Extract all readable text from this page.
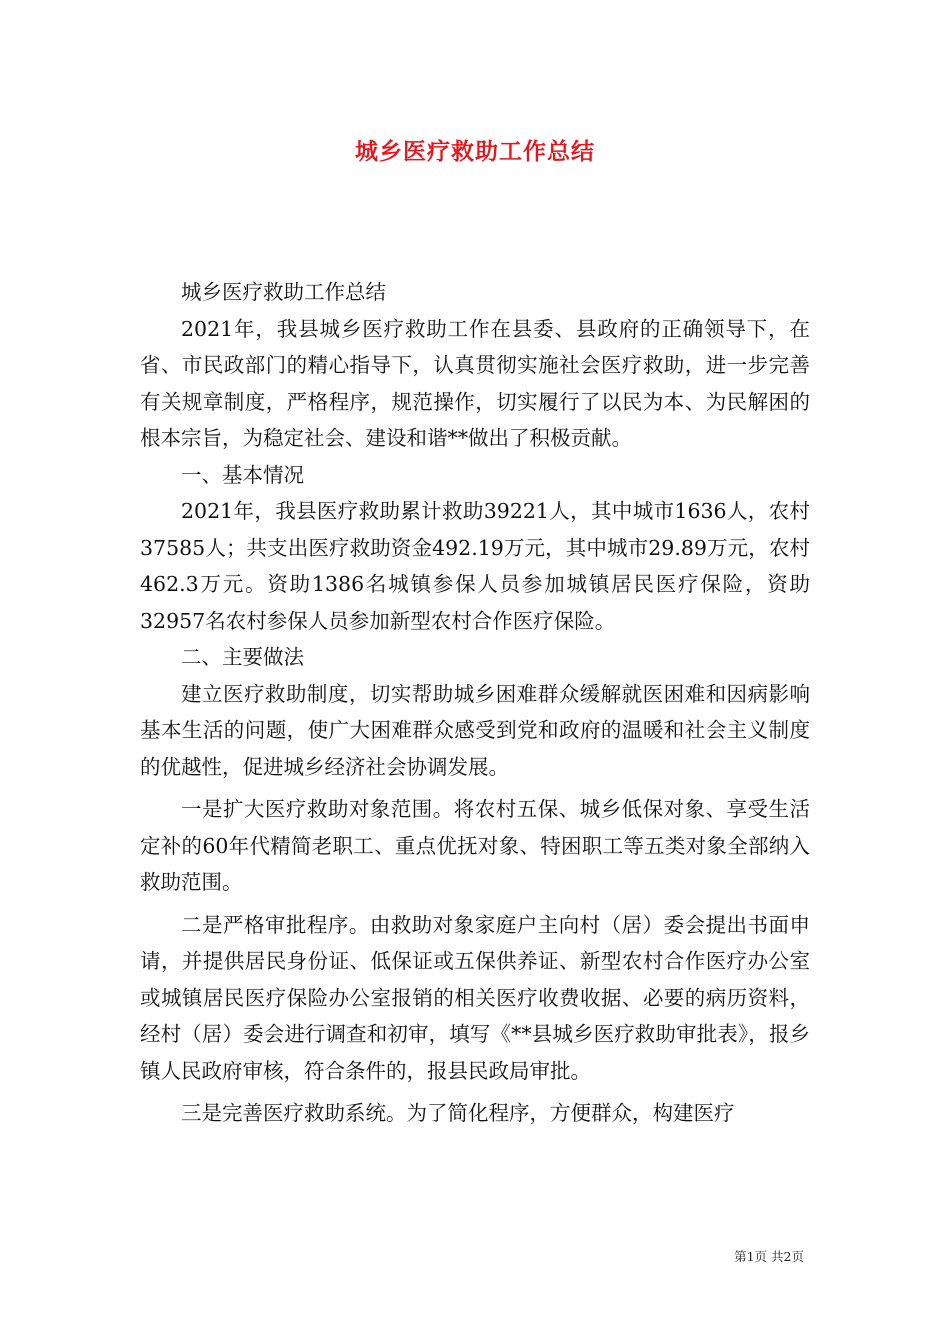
城乡医疗救助工作总结

城乡医疗救助工作总结

2021年，我县城乡医疗救助工作在县委、县政府的正确领导下，在省、市民政部门的精心指导下，认真贯彻实施社会医疗救助，进一步完善有关规章制度，严格程序，规范操作，切实履行了以民为本、为民解困的根本宗旨，为稳定社会、建设和谐**做出了积极贡献。

一、基本情况

2021年，我县医疗救助累计救助39221人，其中城市1636人，农村37585人；共支出医疗救助资金492.19万元，其中城市29.89万元，农村462.3万元。资助1386名城镇参保人员参加城镇居民医疗保险，资助32957名农村参保人员参加新型农村合作医疗保险。

二、主要做法

建立医疗救助制度，切实帮助城乡困难群众缓解就医困难和因病影响基本生活的问题，使广大困难群众感受到党和政府的温暖和社会主义制度的优越性，促进城乡经济社会协调发展。

一是扩大医疗救助对象范围。将农村五保、城乡低保对象、享受生活定补的60年代精简老职工、重点优抚对象、特困职工等五类对象全部纳入救助范围。

二是严格审批程序。由救助对象家庭户主向村（居）委会提出书面申请，并提供居民身份证、低保证或五保供养证、新型农村合作医疗办公室或城镇居民医疗保险办公室报销的相关医疗收费收据、必要的病历资料，经村（居）委会进行调查和初审，填写《**县城乡医疗救助审批表》，报乡镇人民政府审核，符合条件的，报县民政局审批。

三是完善医疗救助系统。为了简化程序，方便群众，构建医疗

第1页 共2页
